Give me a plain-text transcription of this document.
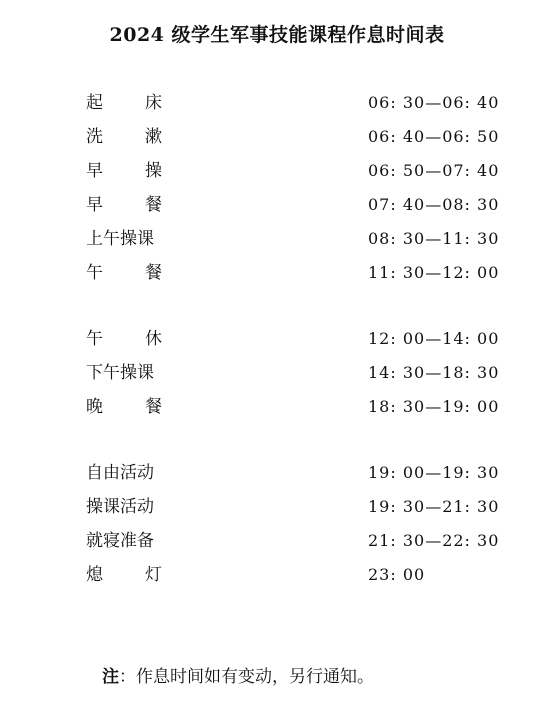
2024 级学生军事技能课程作息时间表
起 床	06: 30—06: 40
洗 漱	06: 40—06: 50
早 操	06: 50—07: 40
早 餐	07: 40—08: 30
上午操课	08: 30—11: 30
午 餐	11: 30—12: 00
午 休	12: 00—14: 00
下午操课	14: 30—18: 30
晚 餐	18: 30—19: 00
自由活动	19: 00—19: 30
操课活动	19: 30—21: 30
就寝准备	21: 30—22: 30
熄 灯	23: 00
注：作息时间如有变动，另行通知。
